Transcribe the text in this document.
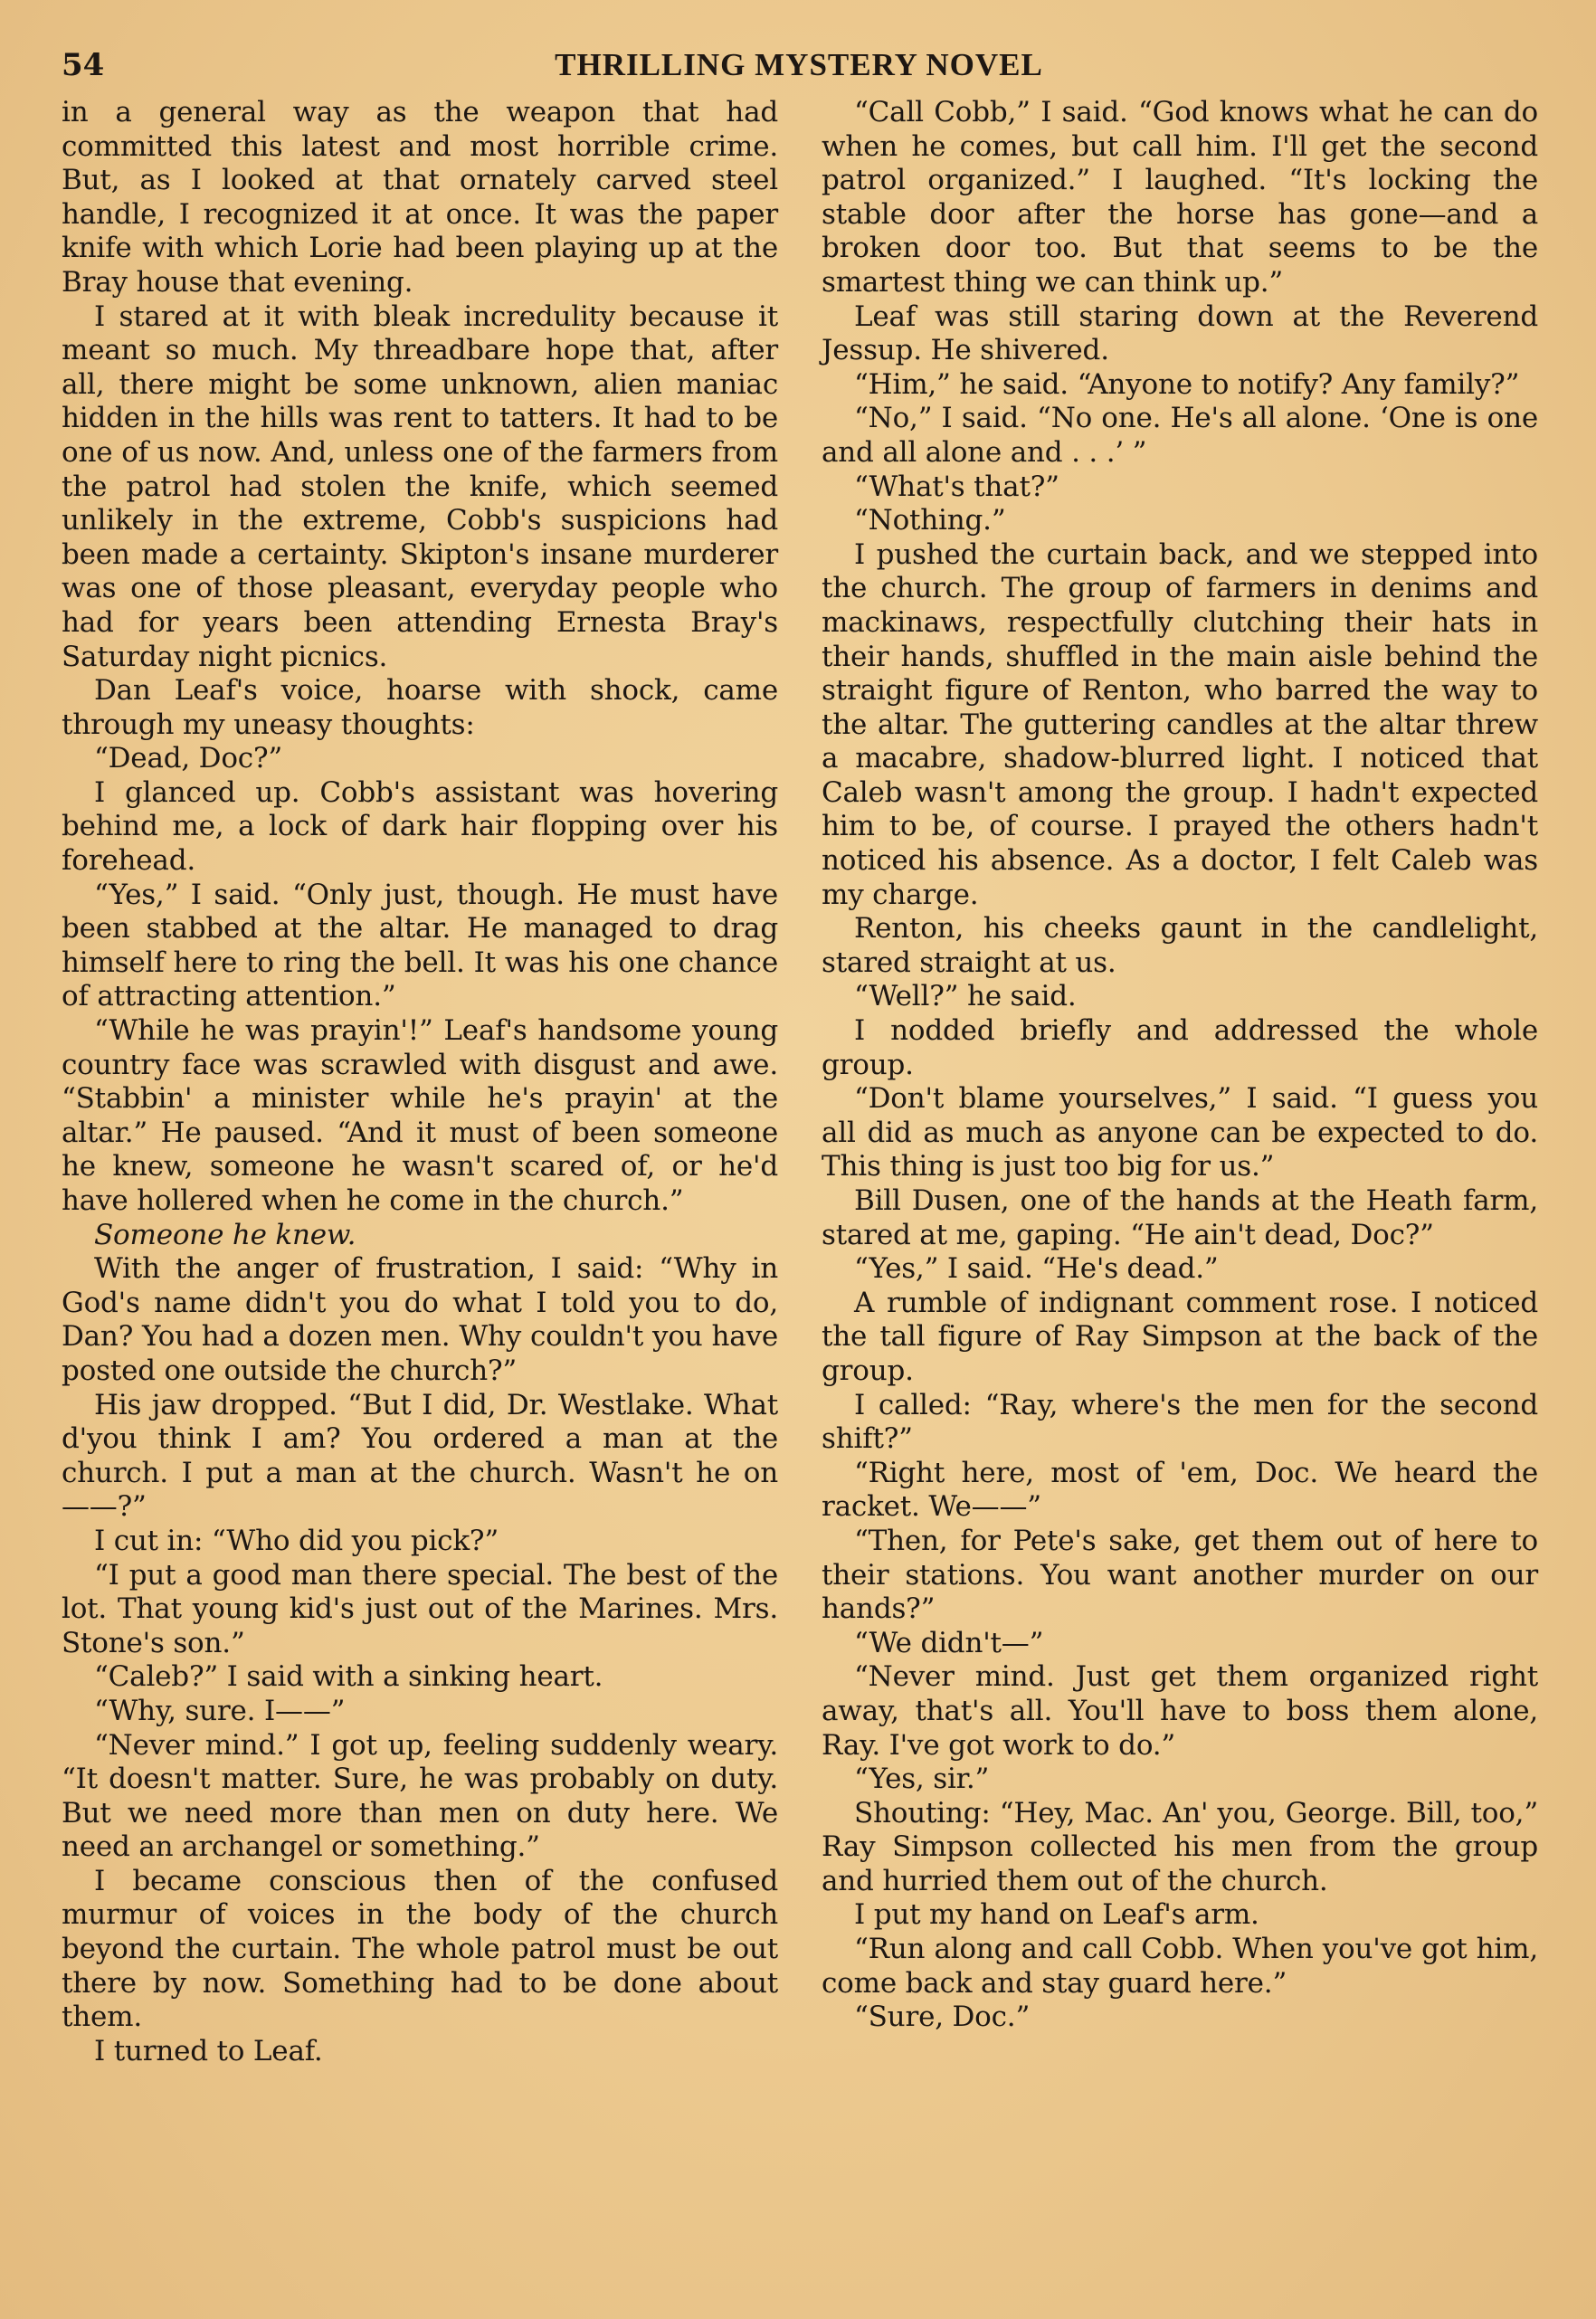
54	THRILLING MYSTERY NOVEL

in a general way as the weapon that had committed this latest and most horrible crime. But, as I looked at that ornately carved steel handle, I recognized it at once. It was the paper knife with which Lorie had been playing up at the Bray house that evening.

I stared at it with bleak incredulity because it meant so much. My threadbare hope that, after all, there might be some unknown, alien maniac hidden in the hills was rent to tatters. It had to be one of us now. And, unless one of the farmers from the patrol had stolen the knife, which seemed unlikely in the extreme, Cobb's suspicions had been made a certainty. Skipton's insane murderer was one of those pleasant, everyday people who had for years been attending Ernesta Bray's Saturday night picnics.

Dan Leaf's voice, hoarse with shock, came through my uneasy thoughts:

“Dead, Doc?”

I glanced up. Cobb's assistant was hovering behind me, a lock of dark hair flopping over his forehead.

“Yes,” I said. “Only just, though. He must have been stabbed at the altar. He managed to drag himself here to ring the bell. It was his one chance of attracting attention.”

“While he was prayin'!” Leaf's handsome young country face was scrawled with disgust and awe. “Stabbin' a minister while he's prayin' at the altar.” He paused. “And it must of been someone he knew, someone he wasn't scared of, or he'd have hollered when he come in the church.”

Someone he knew.

With the anger of frustration, I said: “Why in God's name didn't you do what I told you to do, Dan? You had a dozen men. Why couldn't you have posted one outside the church?”

His jaw dropped. “But I did, Dr. Westlake. What d'you think I am? You ordered a man at the church. I put a man at the church. Wasn't he on——?”

I cut in: “Who did you pick?”

“I put a good man there special. The best of the lot. That young kid's just out of the Marines. Mrs. Stone's son.”

“Caleb?” I said with a sinking heart.

“Why, sure. I——”

“Never mind.” I got up, feeling suddenly weary. “It doesn't matter. Sure, he was probably on duty. But we need more than men on duty here. We need an archangel or something.”

I became conscious then of the confused murmur of voices in the body of the church beyond the curtain. The whole patrol must be out there by now. Something had to be done about them.

I turned to Leaf.

“Call Cobb,” I said. “God knows what he can do when he comes, but call him. I'll get the second patrol organized.” I laughed. “It's locking the stable door after the horse has gone—and a broken door too. But that seems to be the smartest thing we can think up.”

Leaf was still staring down at the Reverend Jessup. He shivered.

“Him,” he said. “Anyone to notify? Any family?”

“No,” I said. “No one. He's all alone. ‘One is one and all alone and . . .’ ”

“What's that?”

“Nothing.”

I pushed the curtain back, and we stepped into the church. The group of farmers in denims and mackinaws, respectfully clutching their hats in their hands, shuffled in the main aisle behind the straight figure of Renton, who barred the way to the altar. The guttering candles at the altar threw a macabre, shadow-blurred light. I noticed that Caleb wasn't among the group. I hadn't expected him to be, of course. I prayed the others hadn't noticed his absence. As a doctor, I felt Caleb was my charge.

Renton, his cheeks gaunt in the candlelight, stared straight at us.

“Well?” he said.

I nodded briefly and addressed the whole group.

“Don't blame yourselves,” I said. “I guess you all did as much as anyone can be expected to do. This thing is just too big for us.”

Bill Dusen, one of the hands at the Heath farm, stared at me, gaping. “He ain't dead, Doc?”

“Yes,” I said. “He's dead.”

A rumble of indignant comment rose. I noticed the tall figure of Ray Simpson at the back of the group.

I called: “Ray, where's the men for the second shift?”

“Right here, most of 'em, Doc. We heard the racket. We——”

“Then, for Pete's sake, get them out of here to their stations. You want another murder on our hands?”

“We didn't—”

“Never mind. Just get them organized right away, that's all. You'll have to boss them alone, Ray. I've got work to do.”

“Yes, sir.”

Shouting: “Hey, Mac. An' you, George. Bill, too,” Ray Simpson collected his men from the group and hurried them out of the church.

I put my hand on Leaf's arm.

“Run along and call Cobb. When you've got him, come back and stay guard here.”

“Sure, Doc.”
